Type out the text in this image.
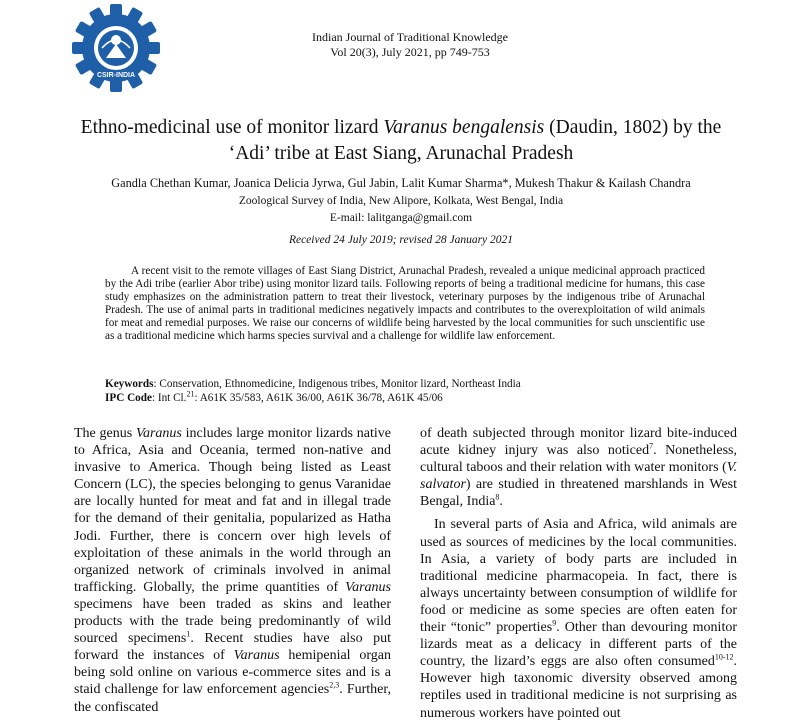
CSIR-INDIA
Indian Journal of Traditional Knowledge
Vol 20(3), July 2021, pp 749-753
Ethno-medicinal use of monitor lizard Varanus bengalensis (Daudin, 1802) by the
‘Adi’ tribe at East Siang, Arunachal Pradesh
Gandla Chethan Kumar, Joanica Delicia Jyrwa, Gul Jabin, Lalit Kumar Sharma*, Mukesh Thakur & Kailash Chandra
Zoological Survey of India, New Alipore, Kolkata, West Bengal, India
E-mail: lalitganga@gmail.com
Received 24 July 2019; revised 28 January 2021

A recent visit to the remote villages of East Siang District, Arunachal Pradesh, revealed a unique medicinal approach practiced by the Adi tribe (earlier Abor tribe) using monitor lizard tails. Following reports of being a traditional medicine for humans, this case study emphasizes on the administration pattern to treat their livestock, veterinary purposes by the indigenous tribe of Arunachal Pradesh. The use of animal parts in traditional medicines negatively impacts and contributes to the overexploitation of wild animals for meat and remedial purposes. We raise our concerns of wildlife being harvested by the local communities for such unscientific use as a traditional medicine which harms species survival and a challenge for wildlife law enforcement.

Keywords: Conservation, Ethnomedicine, Indigenous tribes, Monitor lizard, Northeast India
IPC Code: Int Cl.$^{21}$: A61K 35/583, A61K 36/00, A61K 36/78, A61K 45/06

The genus Varanus includes large monitor lizards native to Africa, Asia and Oceania, termed non-native and invasive to America. Though being listed as Least Concern (LC), the species belonging to genus Varanidae are locally hunted for meat and fat and in illegal trade for the demand of their genitalia, popularized as Hatha Jodi. Further, there is concern over high levels of exploitation of these animals in the world through an organized network of criminals involved in animal trafficking. Globally, the prime quantities of Varanus specimens have been traded as skins and leather products with the trade being predominantly of wild sourced specimens$^1$. Recent studies have also put forward the instances of Varanus hemipenial organ being sold online on various e-commerce sites and is a staid challenge for law enforcement agencies$^{2,3}$. Further, the confiscated

of death subjected through monitor lizard bite-induced acute kidney injury was also noticed$^7$. Nonetheless, cultural taboos and their relation with water monitors (V. salvator) are studied in threatened marshlands in West Bengal, India$^8$.

In several parts of Asia and Africa, wild animals are used as sources of medicines by the local communities. In Asia, a variety of body parts are included in traditional medicine pharmacopeia. In fact, there is always uncertainty between consumption of wildlife for food or medicine as some species are often eaten for their “tonic” properties$^9$. Other than devouring monitor lizards meat as a delicacy in different parts of the country, the lizard’s eggs are also often consumed$^{10-12}$. However high taxonomic diversity observed among reptiles used in traditional medicine is not surprising as numerous workers have pointed out
